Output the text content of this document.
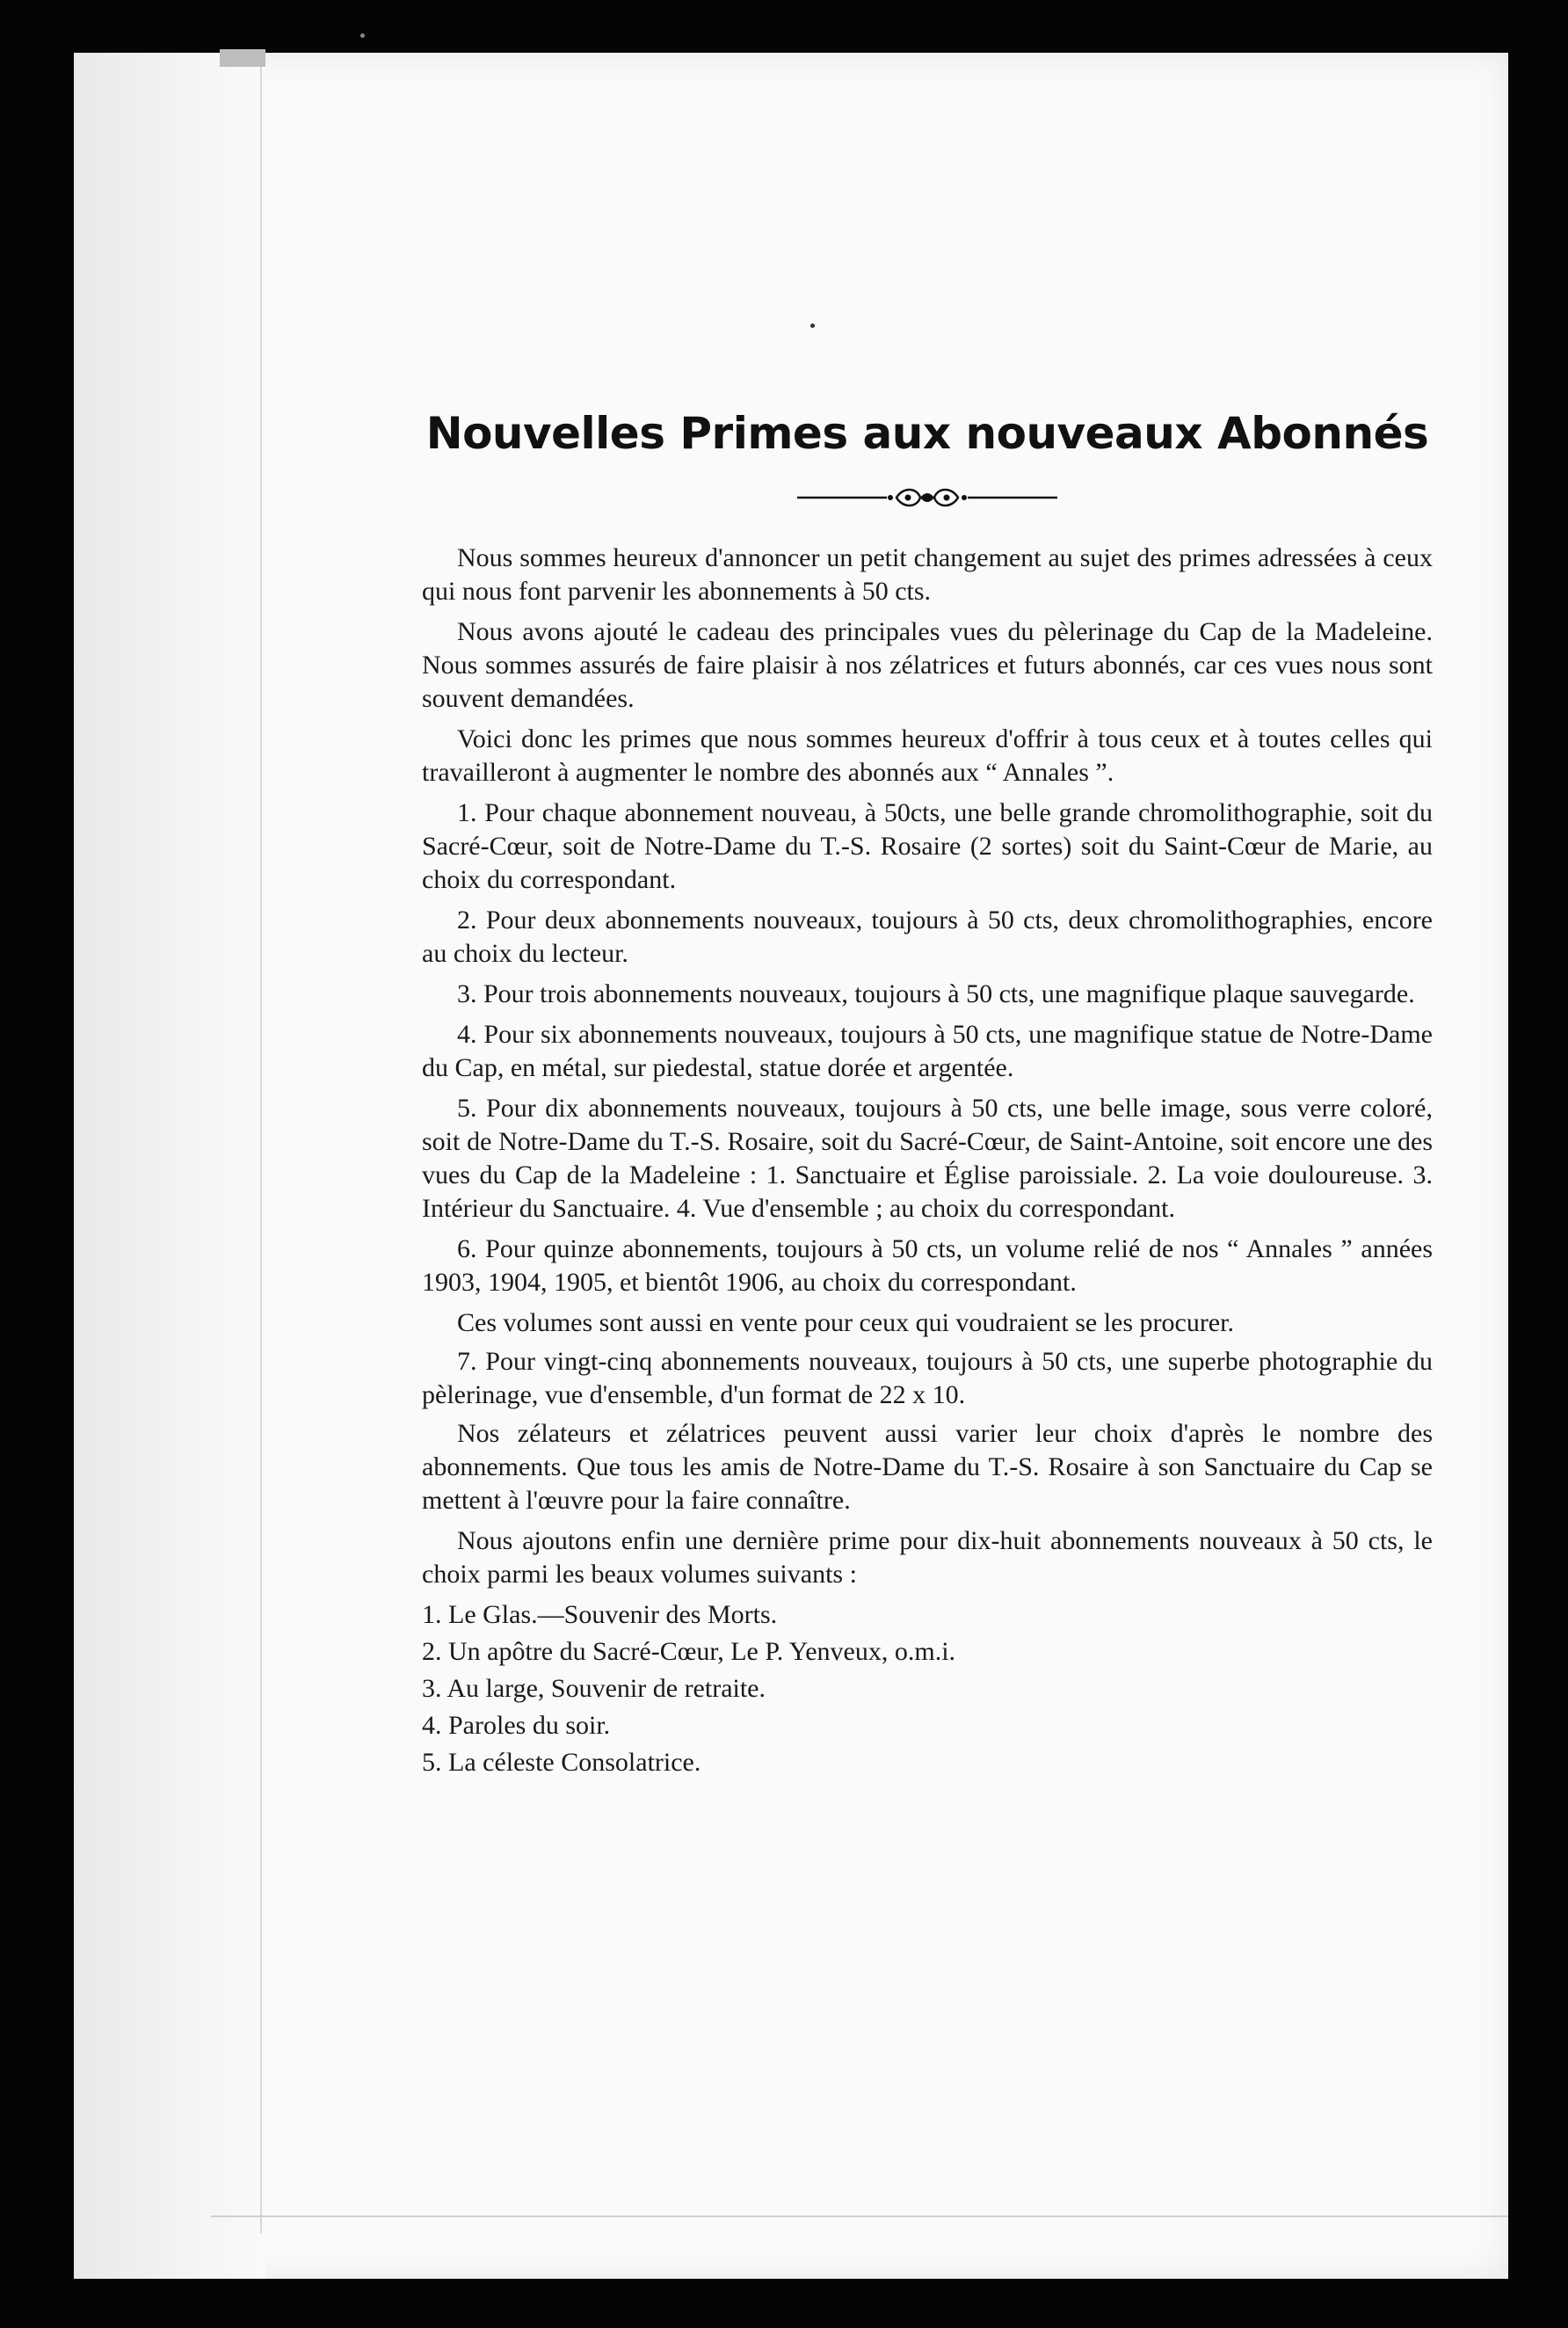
Nouvelles Primes aux nouveaux Abonnés

Nous sommes heureux d'annoncer un petit changement au sujet des primes adressées à ceux qui nous font parvenir les abonnements à 50 cts.

Nous avons ajouté le cadeau des principales vues du pèlerinage du Cap de la Madeleine. Nous sommes assurés de faire plaisir à nos zélatrices et futurs abonnés, car ces vues nous sont souvent demandées.

Voici donc les primes que nous sommes heureux d'offrir à tous ceux et à toutes celles qui travailleront à augmenter le nombre des abonnés aux “ Annales ”.

1. Pour chaque abonnement nouveau, à 50cts, une belle grande chromolithographie, soit du Sacré-Cœur, soit de Notre-Dame du T.-S. Rosaire (2 sortes) soit du Saint-Cœur de Marie, au choix du correspondant.

2. Pour deux abonnements nouveaux, toujours à 50 cts, deux chromolithographies, encore au choix du lecteur.

3. Pour trois abonnements nouveaux, toujours à 50 cts, une magnifique plaque sauvegarde.

4. Pour six abonnements nouveaux, toujours à 50 cts, une magnifique statue de Notre-Dame du Cap, en métal, sur piedestal, statue dorée et argentée.

5. Pour dix abonnements nouveaux, toujours à 50 cts, une belle image, sous verre coloré, soit de Notre-Dame du T.-S. Rosaire, soit du Sacré-Cœur, de Saint-Antoine, soit encore une des vues du Cap de la Madeleine : 1. Sanctuaire et Église paroissiale. 2. La voie douloureuse. 3. Intérieur du Sanctuaire. 4. Vue d'ensemble ; au choix du correspondant.

6. Pour quinze abonnements, toujours à 50 cts, un volume relié de nos “ Annales ” années 1903, 1904, 1905, et bientôt 1906, au choix du correspondant.

Ces volumes sont aussi en vente pour ceux qui voudraient se les procurer.

7. Pour vingt-cinq abonnements nouveaux, toujours à 50 cts, une superbe photographie du pèlerinage, vue d'ensemble, d'un format de 22 x 10.

Nos zélateurs et zélatrices peuvent aussi varier leur choix d'après le nombre des abonnements. Que tous les amis de Notre-Dame du T.-S. Rosaire à son Sanctuaire du Cap se mettent à l'œuvre pour la faire connaître.

Nous ajoutons enfin une dernière prime pour dix-huit abonnements nouveaux à 50 cts, le choix parmi les beaux volumes suivants :

1. Le Glas.—Souvenir des Morts.
2. Un apôtre du Sacré-Cœur, Le P. Yenveux, o.m.i.
3. Au large, Souvenir de retraite.
4. Paroles du soir.
5. La céleste Consolatrice.
